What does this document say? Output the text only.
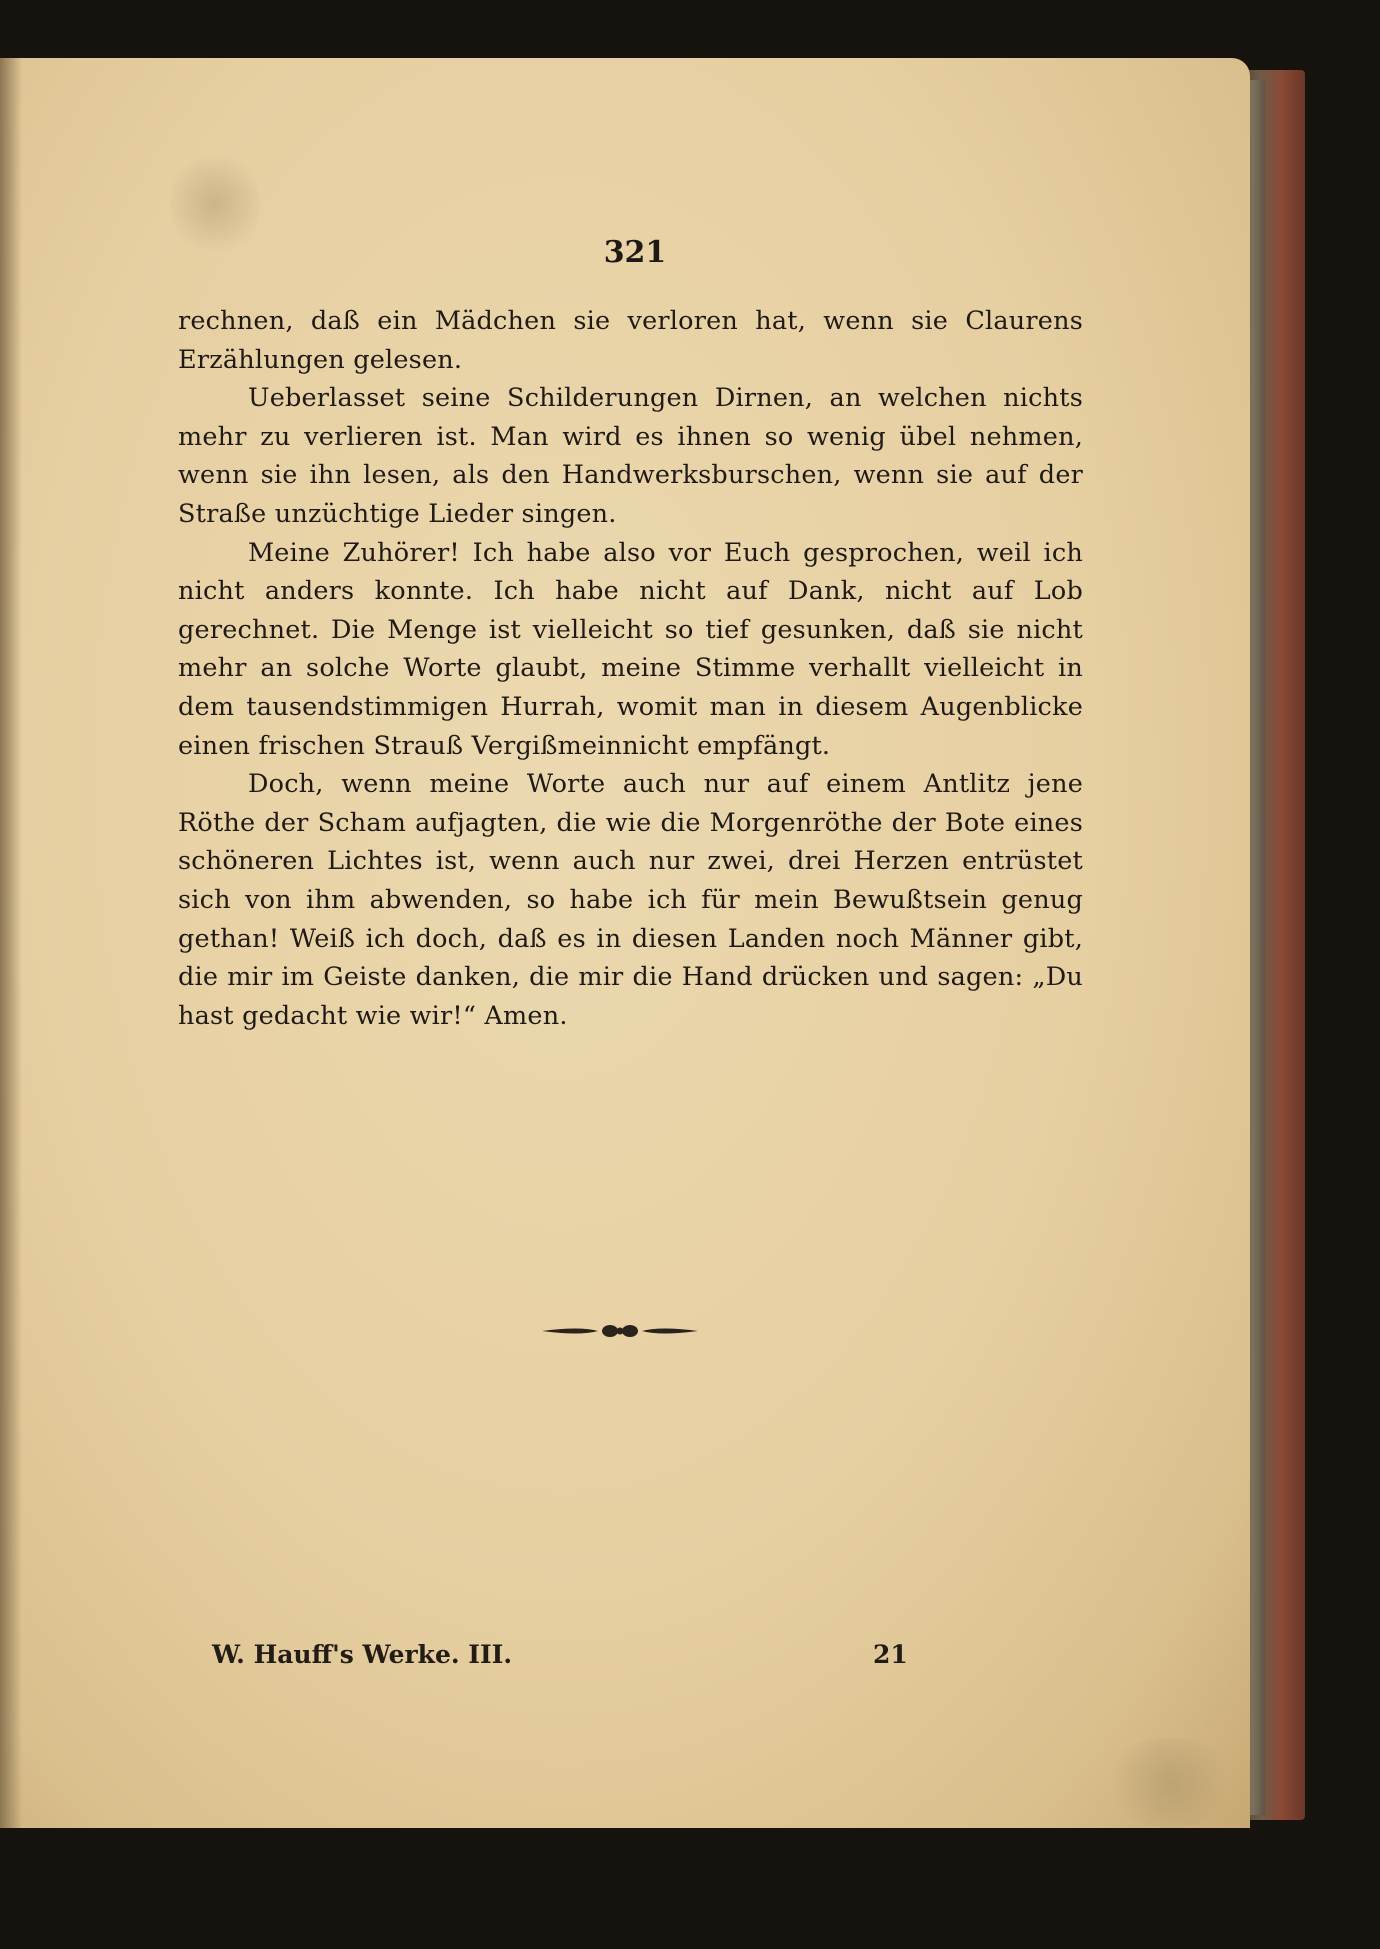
321

rechnen, daß ein Mädchen sie verloren hat, wenn sie Claurens Erzählungen gelesen.

Ueberlasset seine Schilderungen Dirnen, an welchen nichts mehr zu verlieren ist. Man wird es ihnen so wenig übel nehmen, wenn sie ihn lesen, als den Handwerksburschen, wenn sie auf der Straße unzüchtige Lieder singen.

Meine Zuhörer! Ich habe also vor Euch gesprochen, weil ich nicht anders konnte. Ich habe nicht auf Dank, nicht auf Lob gerechnet. Die Menge ist vielleicht so tief gesunken, daß sie nicht mehr an solche Worte glaubt, meine Stimme verhallt vielleicht in dem tausendstimmigen Hurrah, womit man in diesem Augenblicke einen frischen Strauß Vergißmeinnicht empfängt.

Doch, wenn meine Worte auch nur auf einem Antlitz jene Röthe der Scham aufjagten, die wie die Morgenröthe der Bote eines schöneren Lichtes ist, wenn auch nur zwei, drei Herzen entrüstet sich von ihm abwenden, so habe ich für mein Bewußtsein genug gethan! Weiß ich doch, daß es in diesen Landen noch Männer gibt, die mir im Geiste danken, die mir die Hand drücken und sagen: „Du hast gedacht wie wir!“ Amen.

W. Hauff's Werke. III.	21
